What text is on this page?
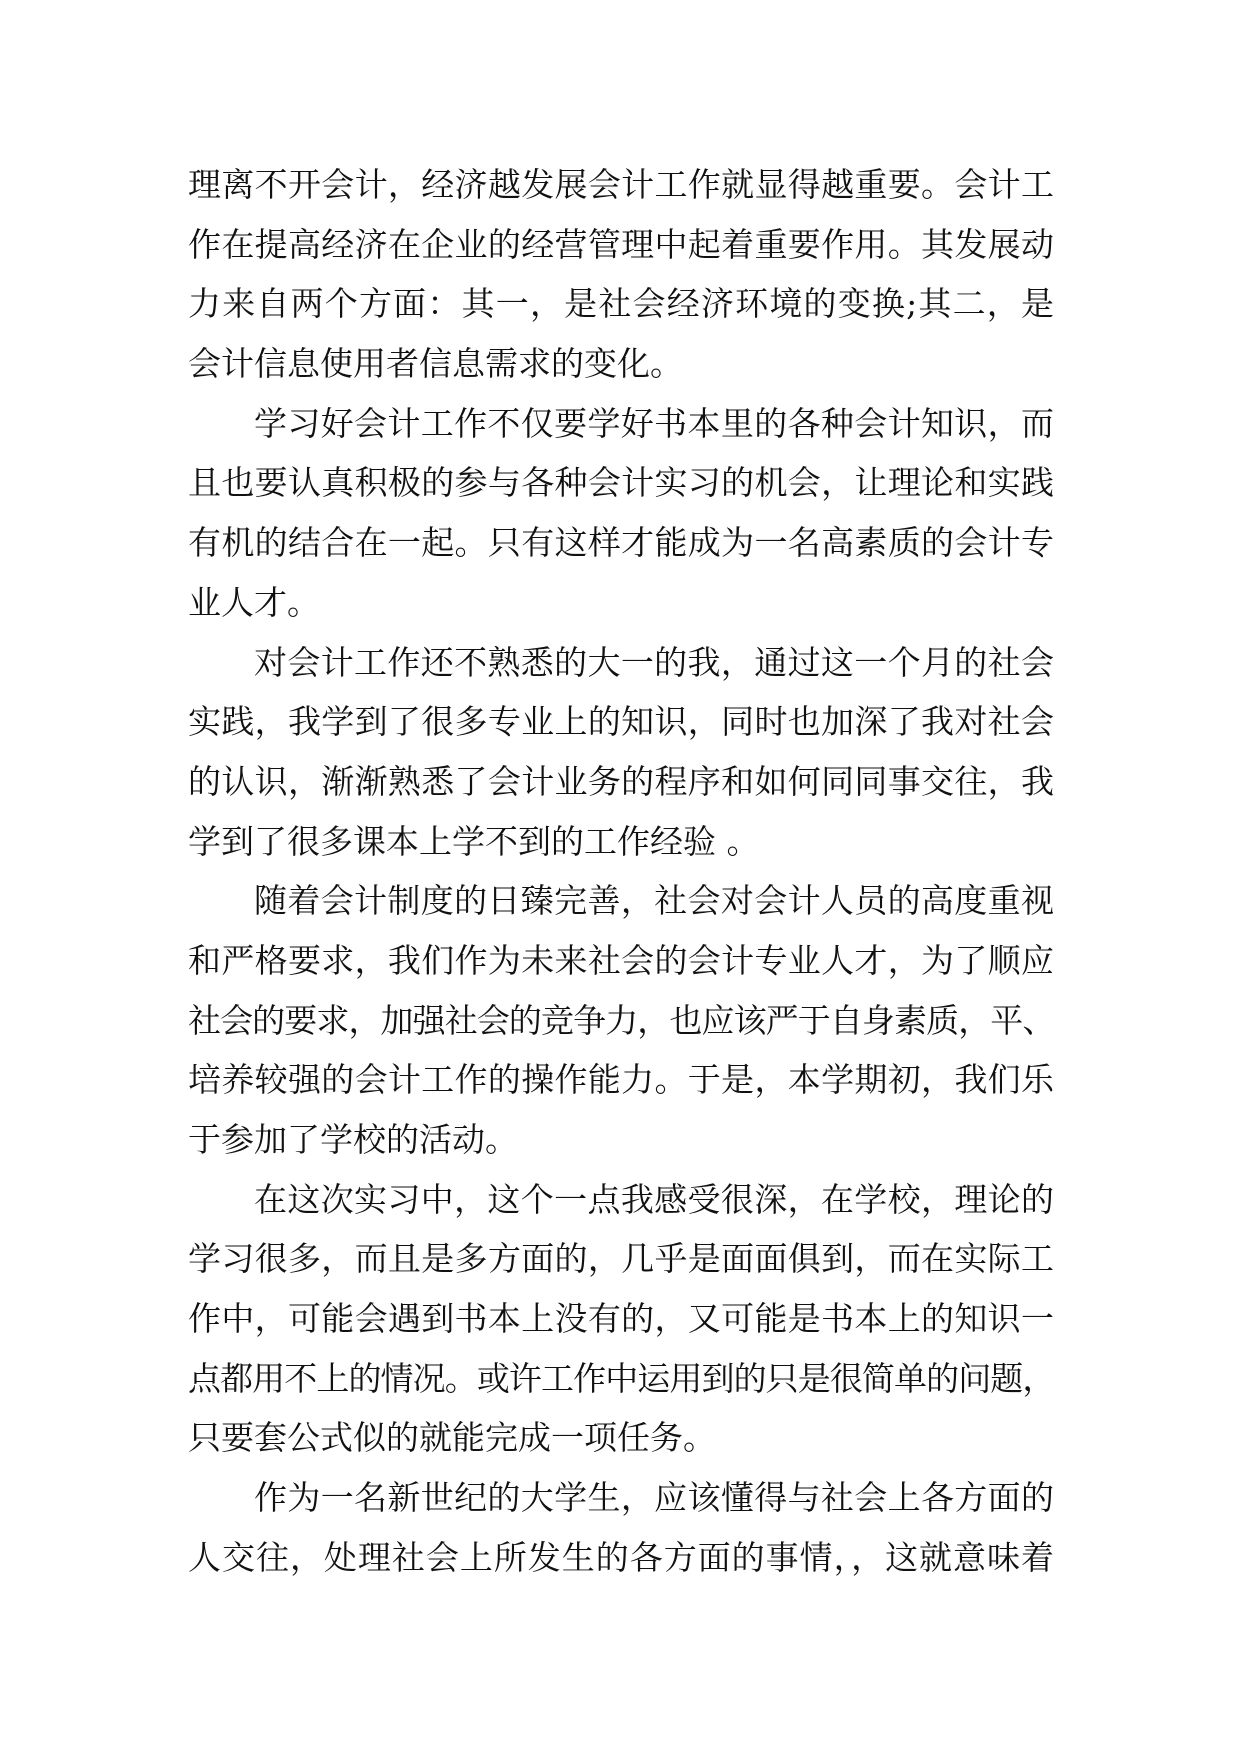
理离不开会计，经济越发展会计工作就显得越重要。会计工
作在提高经济在企业的经营管理中起着重要作用。其发展动
力来自两个方面：其一，是社会经济环境的变换;其二，是
会计信息使用者信息需求的变化。
学习好会计工作不仅要学好书本里的各种会计知识，而
且也要认真积极的参与各种会计实习的机会，让理论和实践
有机的结合在一起。只有这样才能成为一名高素质的会计专
业人才。
对会计工作还不熟悉的大一的我，通过这一个月的社会
实践，我学到了很多专业上的知识，同时也加深了我对社会
的认识，渐渐熟悉了会计业务的程序和如何同同事交往，我
学到了很多课本上学不到的工作经验 。
随着会计制度的日臻完善，社会对会计人员的高度重视
和严格要求，我们作为未来社会的会计专业人才，为了顺应
社会的要求，加强社会的竞争力，也应该严于自身素质，平、
培养较强的会计工作的操作能力。于是，本学期初，我们乐
于参加了学校的活动。
在这次实习中，这个一点我感受很深，在学校，理论的
学习很多，而且是多方面的，几乎是面面俱到，而在实际工
作中，可能会遇到书本上没有的，又可能是书本上的知识一
点都用不上的情况。或许工作中运用到的只是很简单的问题，
只要套公式似的就能完成一项任务。
作为一名新世纪的大学生，应该懂得与社会上各方面的
人交往，处理社会上所发生的各方面的事情，，这就意味着
